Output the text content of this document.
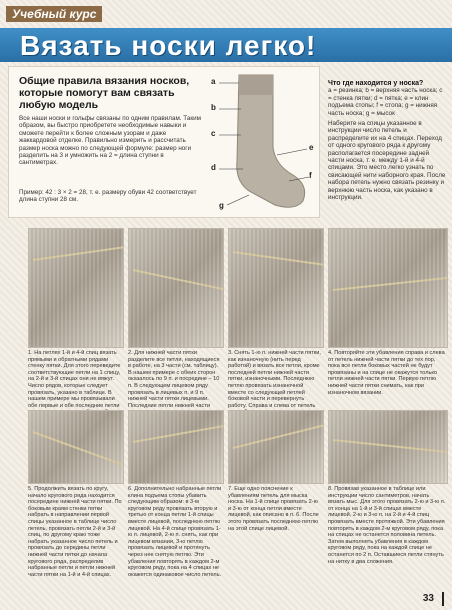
Учебный курс
Вязать носки легко!
Общие правила вязания носков, которые помогут вам связать любую модель
Все наши носки и гольфы связаны по одним правилам. Таким образом, вы быстро приобретете необходимые навыки и сможете перейти к более сложным узорам и даже жаккардовой отделке. Правильно измерить и рассчитать размер носка можно по следующей формуле: размер ноги разделить на 3 и умножить на 2 = длина ступни в сантиметрах.
Пример: 42 : 3 × 2 = 28, т. е. размеру обуви 42 соответствует длина ступни 28 см.
a
b
c
d
e
f
g
Что где находится у носка?
a = резинка; b = верхняя часть носка; c = стенка пятки; d = пятка; e = клин подъема стопы; f = стопа; g = нижняя часть носка; g = мысок
Наберите на спицы указанное в инструкции число петель и распределите их на 4 спицах. Переход от одного кругового ряда к другому располагается посередине задней части носка, т. е. между 1-й и 4-й спицами. Это место легко узнать по свисающей нити наборного края. После набора петель нужно связать резинку и верхнюю часть носка, как указано в инструкции.
1. На петлях 1-й и 4-й спиц вязать прямыми и обратными рядами стенку пятки. Для этого переведите соответствующие петли на 1 спицу, на 2-й и 3-й спицах они не вяжут. Число рядов, которые следует провязать, указано в таблице. В нашем примере мы провязывали обе первые и обе последние петли
2. Для нижней части пятки разделите все петли, находящиеся в работе, на 3 части (см. таблицу). В нашем примере с обеих сторон оказалось по 9 п. и посредине – 10 п. В следующем лицевом ряду провязать в лицевых п. и 9 п. нижней части пятки лицевыми. Последние петли нижней части
3. Снять 1-ю п. нижней части пятки, как изнаночную (нить перед работой) и вязать все петли, кроме последней петли нижней части пятки, изнаночными. Последнюю петлю провязать изнаночной вместе со следующей петлей боковой части и перевернуть работу. Справа и слева от петель
4. Повторяйте эти убавления справа и слева от петель нижней части пятки до тех пор, пока все петли боковых частей не будут провязаны и на спице не окажутся только петли нижней части пятки. Первую петлю нижней части пятки снимать, как при изнаночном вязании.
5. Продолжить вязать по кругу, начало кругового ряда находится посередине нижней части пятки. По боковым краям стенки пятки набрать в направлении первой спицы указанное в таблице число петель, провязать петли 2-й и 3-й спиц, по другому краю тоже набрать указанное число петель и провязать до середины петли нижней части пятки до начала кругового ряда, распределив набранные петли и петли нижней части пятки на 1-й и 4-й спицах.
6. Дополнительно набранные петли клина подъема стопы убавить следующим образом: в 3-м круговом ряду провязать вторую и третью от конца петли 1-й спицы вместе лицевой, последнюю петлю лицевой. На 4-й спице провязать 1-ю п. лицевой, 2-ю п. снять, как при лицевом вязании, 3-ю петлю провязать лицевой и протянуть через нее снятую петлю. Эти убавления повторять в каждом 2-м круговом ряду, пока на 4 спицах не окажется одинаковое число петель.
7. Еще одно пояснение к убавлениям петель для мыска носка. На 1-й спице провязать 2-ю и 3-ю от конца петли вместе лицевой, как описано в п. 6. После этого провязать последнюю петлю на этой спице лицевой.
8. Провязав указанное в таблице или инструкции число сантиметров, начать вязать мыс. Для этого провязать 2-ю и 3-ю п. от конца на 1-й и 3-й спицах вместе лицевой, 2-ю и 3-ю п. на 2-й и 4-й спиц провязать вместе протяжкой. Эти убавления повторять в каждом 2-м круговом ряду, пока на спицах не останется половина петель. Затем выполнять убавления в каждом круговом ряду, пока на каждой спице не останется по 2 п. Оставшиеся петли стянуть на нитку в два сложения.
33
